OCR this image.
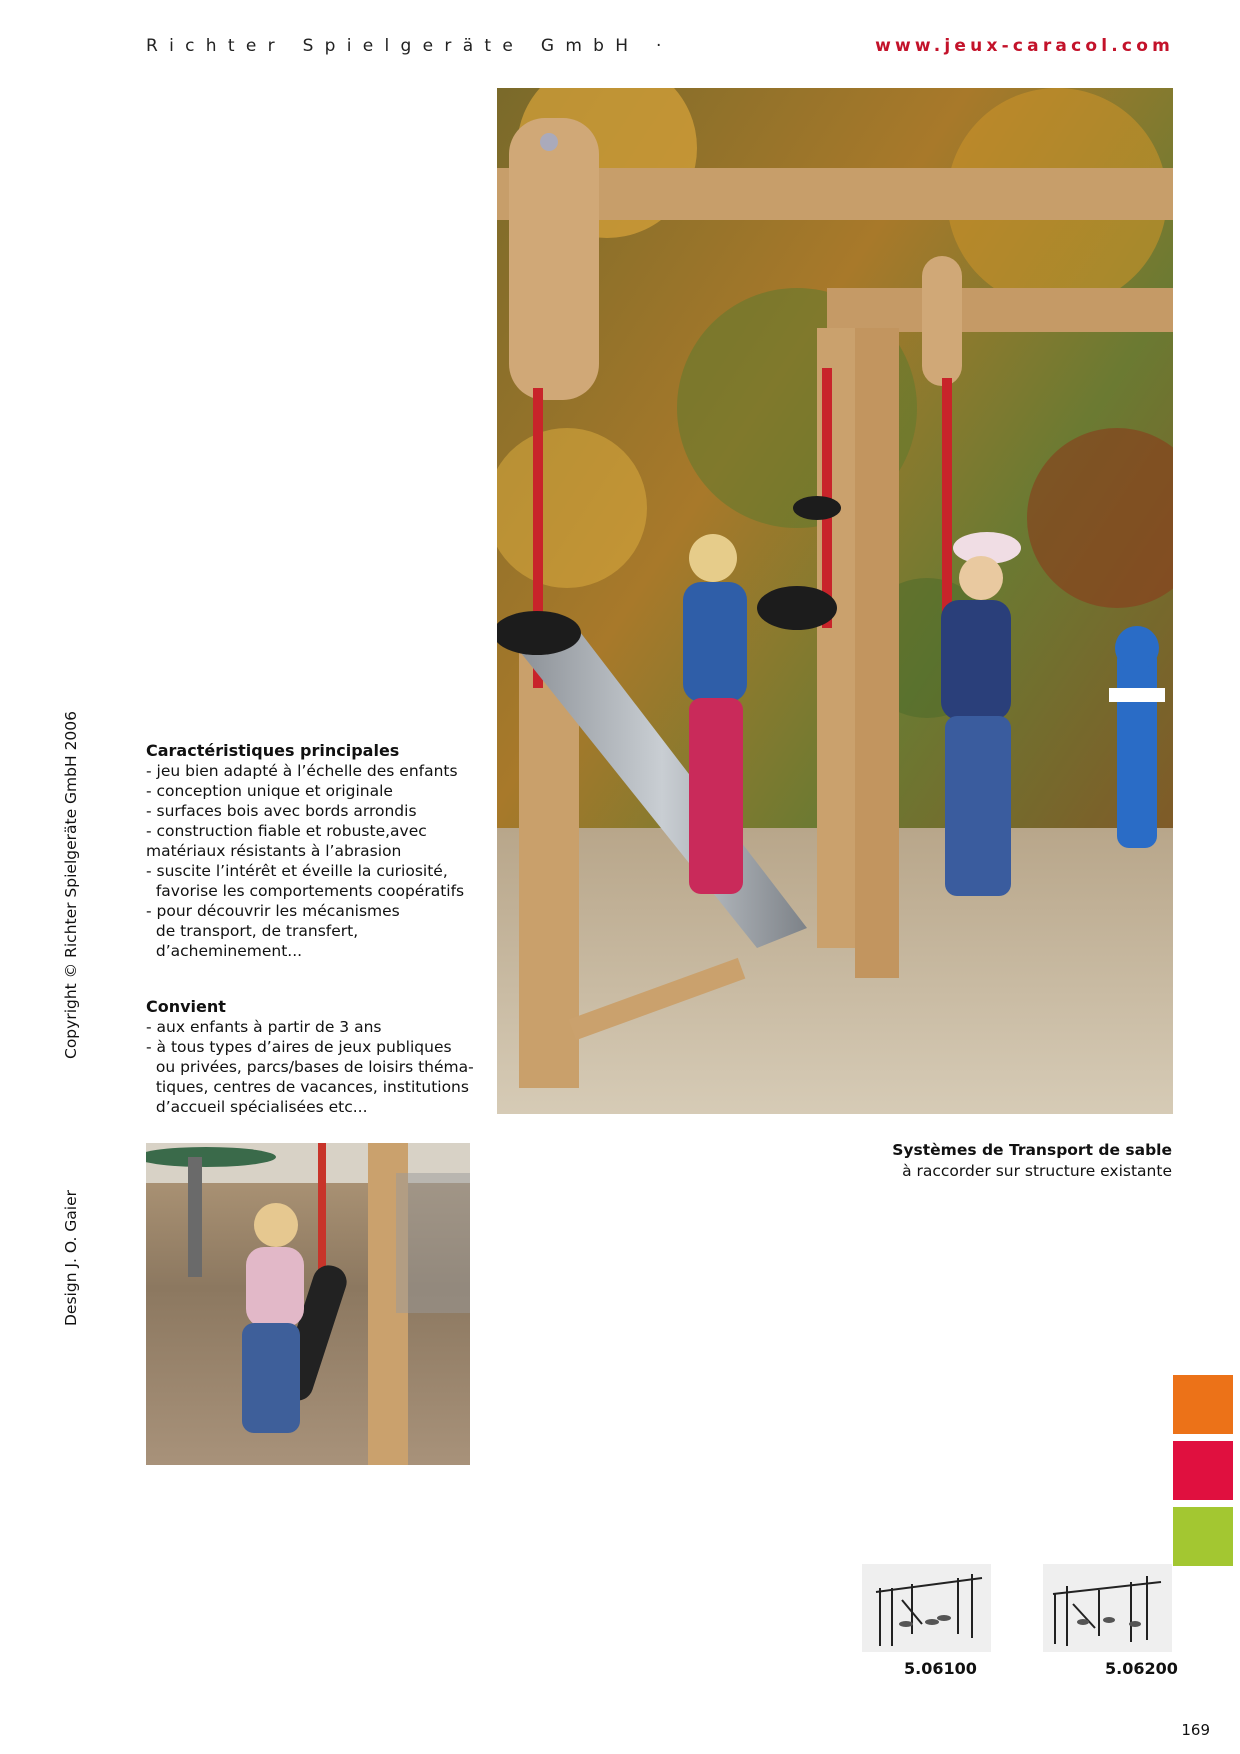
Richter Spielgeräte GmbH ·	www.jeux-caracol.com
Caractéristiques principales
- jeu bien adapté à l’échelle des enfants
- conception unique et originale
- surfaces bois avec bords arrondis
- construction fiable et robuste,avec
matériaux résistants à l’abrasion
- suscite l’intérêt et éveille la curiosité,
favorise les comportements coopératifs
- pour découvrir les mécanismes
de transport, de transfert,
d’acheminement...
Convient
- aux enfants à partir de 3 ans
- à tous types d’aires de jeux publiques
ou privées, parcs/bases de loisirs théma-
tiques, centres de vacances, institutions
d’accueil spécialisées etc...
Copyright © Richter Spielgeräte GmbH 2006
Design J. O. Gaier
Systèmes de Transport de sable
à raccorder sur structure existante
5.06100	5.06200
169
